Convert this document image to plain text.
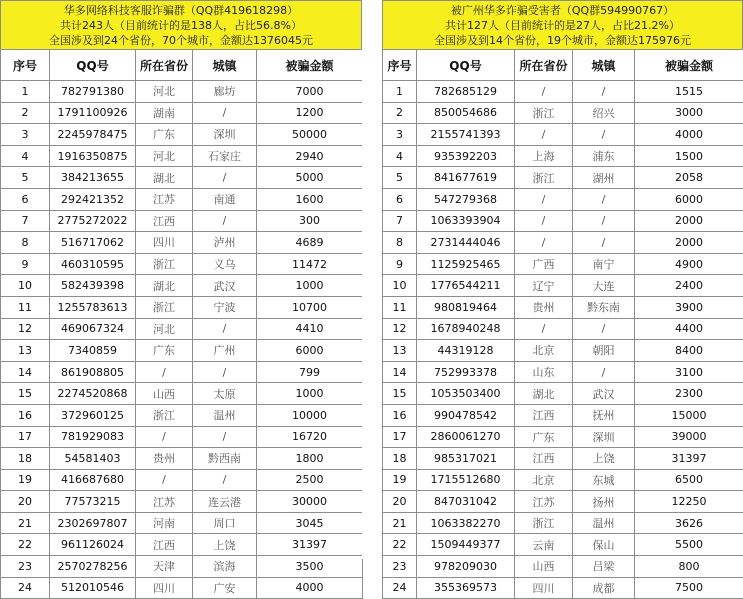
华多网络科技客服诈骗群（QQ群419618298）
共计243人（目前统计的是138人，占比56.8%）
全国涉及到24个省份，70个城市，金额达1376045元
序号	QQ号	所在省份	城镇	被骗金额
1	782791380	河北	廊坊	7000
2	1791100926	湖南	/	1200
3	2245978475	广东	深圳	50000
4	1916350875	河北	石家庄	2940
5	384213655	湖北	/	5000
6	292421352	江苏	南通	1600
7	2775272022	江西	/	300
8	516717062	四川	泸州	4689
9	460310595	浙江	义乌	11472
10	582439398	湖北	武汉	1000
11	1255783613	浙江	宁波	10700
12	469067324	河北	/	4410
13	7340859	广东	广州	6000
14	861908805	/	/	799
15	2274520868	山西	太原	1000
16	372960125	浙江	温州	10000
17	781929083	/	/	16720
18	54581403	贵州	黔西南	1800
19	416687680	/	/	2500
20	77573215	江苏	连云港	30000
21	2302697807	河南	周口	3045
22	961126024	江西	上饶	31397
23	2570278256	天津	滨海	3500
24	512010546	四川	广安	4000
被广州华多诈骗受害者（QQ群594990767）
共计127人（目前统计的是27人，占比21.2%）
全国涉及到14个省份，19个城市，金额达175976元
序号	QQ号	所在省份	城镇	被骗金额
1	782685129	/	/	1515
2	850054686	浙江	绍兴	3000
3	2155741393	/	/	4000
4	935392203	上海	浦东	1500
5	841677619	浙江	湖州	2058
6	547279368	/	/	6000
7	1063393904	/	/	2000
8	2731444046	/	/	2000
9	1125925465	广西	南宁	4900
10	1776544211	辽宁	大连	2400
11	980819464	贵州	黔东南	3900
12	1678940248	/	/	4400
13	44319128	北京	朝阳	8400
14	752993378	山东	/	3100
15	1053503400	湖北	武汉	2300
16	990478542	江西	抚州	15000
17	2860061270	广东	深圳	39000
18	985317021	江西	上饶	31397
19	1715512680	北京	东城	6500
20	847031042	江苏	扬州	12250
21	1063382270	浙江	温州	3626
22	1509449377	云南	保山	5500
23	978209030	山西	吕梁	800
24	355369573	四川	成都	7500
